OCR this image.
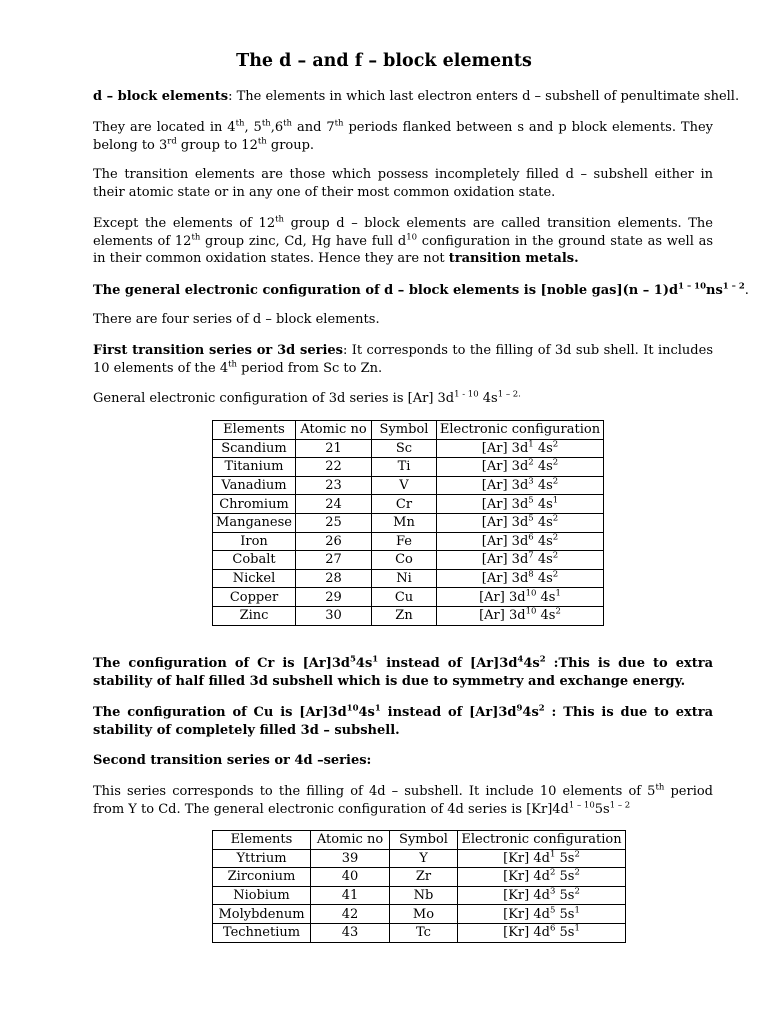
The d – and f – block elements

d – block elements: The elements in which last electron enters d – subshell of penultimate shell.

They are located in 4th, 5th,6th and 7th periods flanked between s and p block elements. They belong to 3rd group to 12th group.

The transition elements are those which possess incompletely filled d – subshell either in their atomic state or in any one of their most common oxidation state.

Except the elements of 12th group d – block elements are called transition elements. The elements of 12th group zinc, Cd, Hg have full $d^{10}$ configuration in the ground state as well as in their common oxidation states. Hence they are not transition metals.

The general electronic configuration of d – block elements is [noble $gas](n - 1)d^{1 - 10}ns^{1 - 2}$.

There are four series of d – block elements.

First transition series or 3d series: It corresponds to the filling of 3d sub shell. It includes 10 elements of the 4th period from Sc to Zn.

General electronic configuration of 3d series is [Ar] $3d^{1 - 10}$ $4s^{1 - 2.}$

Elements	Atomic no	Symbol	Electronic configuration
Scandium	21	Sc	[Ar] $3d^1$ $4s^2$
Titanium	22	Ti	[Ar] $3d^2$ $4s^2$
Vanadium	23	V	[Ar] $3d^3$ $4s^2$
Chromium	24	Cr	[Ar] $3d^5$ $4s^1$
Manganese	25	Mn	[Ar] $3d^5$ $4s^2$
Iron	26	Fe	[Ar] $3d^6$ $4s^2$
Cobalt	27	Co	[Ar] $3d^7$ $4s^2$
Nickel	28	Ni	[Ar] $3d^8$ $4s^2$
Copper	29	Cu	[Ar] $3d^{10}$ $4s^1$
Zinc	30	Zn	[Ar] $3d^{10}$ $4s^2$

The configuration of Cr is $[Ar]3d^54s^1$ instead of $[Ar]3d^44s^2$ :This is due to extra stability of half filled 3d subshell which is due to symmetry and exchange energy.

The configuration of Cu is $[Ar]3d^{10}4s^1$ instead of $[Ar]3d^94s^2$ : This is due to extra stability of completely filled 3d – subshell.

Second transition series or 4d –series:

This series corresponds to the filling of 4d – subshell. It include 10 elements of 5th period from Y to Cd. The general electronic configuration of 4d series is $[Kr]4d^{1 - 10}5s^{1 - 2}$

Elements	Atomic no	Symbol	Electronic configuration
Yttrium	39	Y	[Kr] $4d^1$ $5s^2$
Zirconium	40	Zr	[Kr] $4d^2$ $5s^2$
Niobium	41	Nb	[Kr] $4d^3$ $5s^2$
Molybdenum	42	Mo	[Kr] $4d^5$ $5s^1$
Technetium	43	Tc	[Kr] $4d^6$ $5s^1$
